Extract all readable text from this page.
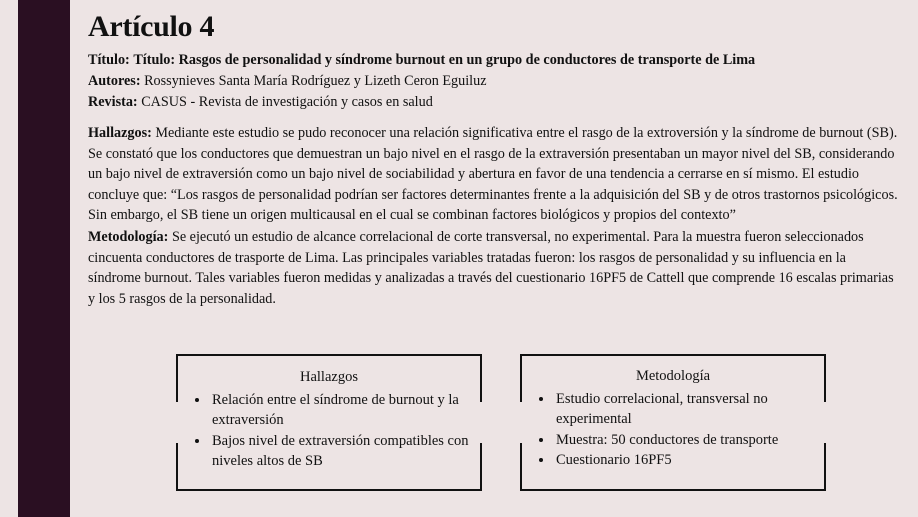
Artículo 4

Título: Título: Rasgos de personalidad y síndrome burnout en un grupo de conductores de transporte de Lima

Autores: Rossynieves Santa María Rodríguez y Lizeth Ceron Eguiluz

Revista: CASUS - Revista de investigación y casos en salud

Hallazgos: Mediante este estudio se pudo reconocer una relación significativa entre el rasgo de la extroversión y la síndrome de burnout (SB). Se constató que los conductores que demuestran un bajo nivel en el rasgo de la extraversión presentaban un mayor nivel del SB, considerando un bajo nivel de extraversión como un bajo nivel de sociabilidad y abertura en favor de una tendencia a cerrarse en sí mismo. El estudio concluye que: “Los rasgos de personalidad podrían ser factores determinantes frente a la adquisición del SB y de otros trastornos psicológicos. Sin embargo, el SB tiene un origen multicausal en el cual se combinan factores biológicos y propios del contexto”

Metodología: Se ejecutó un estudio de alcance correlacional de corte transversal, no experimental. Para la muestra fueron seleccionados cincuenta conductores de trasporte de Lima. Las principales variables tratadas fueron: los rasgos de personalidad y su influencia en la síndrome burnout. Tales variables fueron medidas y analizadas a través del cuestionario 16PF5 de Cattell que comprende 16 escalas primarias y los 5 rasgos de la personalidad.

Hallazgos
• Relación entre el síndrome de burnout y la extraversión
• Bajos nivel de extraversión compatibles con niveles altos de SB
Metodología
• Estudio correlacional, transversal no experimental
• Muestra: 50 conductores de transporte
• Cuestionario 16PF5
